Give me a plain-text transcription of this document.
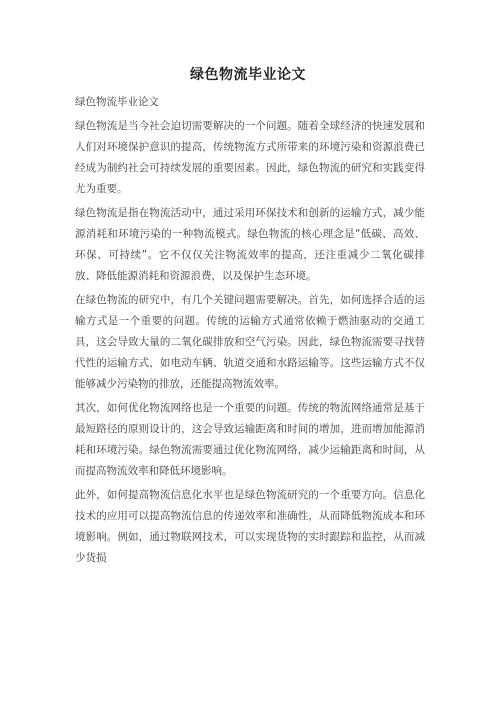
绿色物流毕业论文

绿色物流毕业论文

绿色物流是当今社会迫切需要解决的一个问题。随着全球经济的快速发展和人们对环境保护意识的提高，传统物流方式所带来的环境污染和资源浪费已经成为制约社会可持续发展的重要因素。因此，绿色物流的研究和实践变得尤为重要。

绿色物流是指在物流活动中，通过采用环保技术和创新的运输方式，减少能源消耗和环境污染的一种物流模式。绿色物流的核心理念是“低碳、高效、环保、可持续”。它不仅仅关注物流效率的提高，还注重减少二氧化碳排放、降低能源消耗和资源浪费，以及保护生态环境。

在绿色物流的研究中，有几个关键问题需要解决。首先，如何选择合适的运输方式是一个重要的问题。传统的运输方式通常依赖于燃油驱动的交通工具，这会导致大量的二氧化碳排放和空气污染。因此，绿色物流需要寻找替代性的运输方式，如电动车辆、轨道交通和水路运输等。这些运输方式不仅能够减少污染物的排放，还能提高物流效率。

其次，如何优化物流网络也是一个重要的问题。传统的物流网络通常是基于最短路径的原则设计的，这会导致运输距离和时间的增加，进而增加能源消耗和环境污染。绿色物流需要通过优化物流网络，减少运输距离和时间，从而提高物流效率和降低环境影响。

此外，如何提高物流信息化水平也是绿色物流研究的一个重要方向。信息化技术的应用可以提高物流信息的传递效率和准确性，从而降低物流成本和环境影响。例如，通过物联网技术，可以实现货物的实时跟踪和监控，从而减少货损
